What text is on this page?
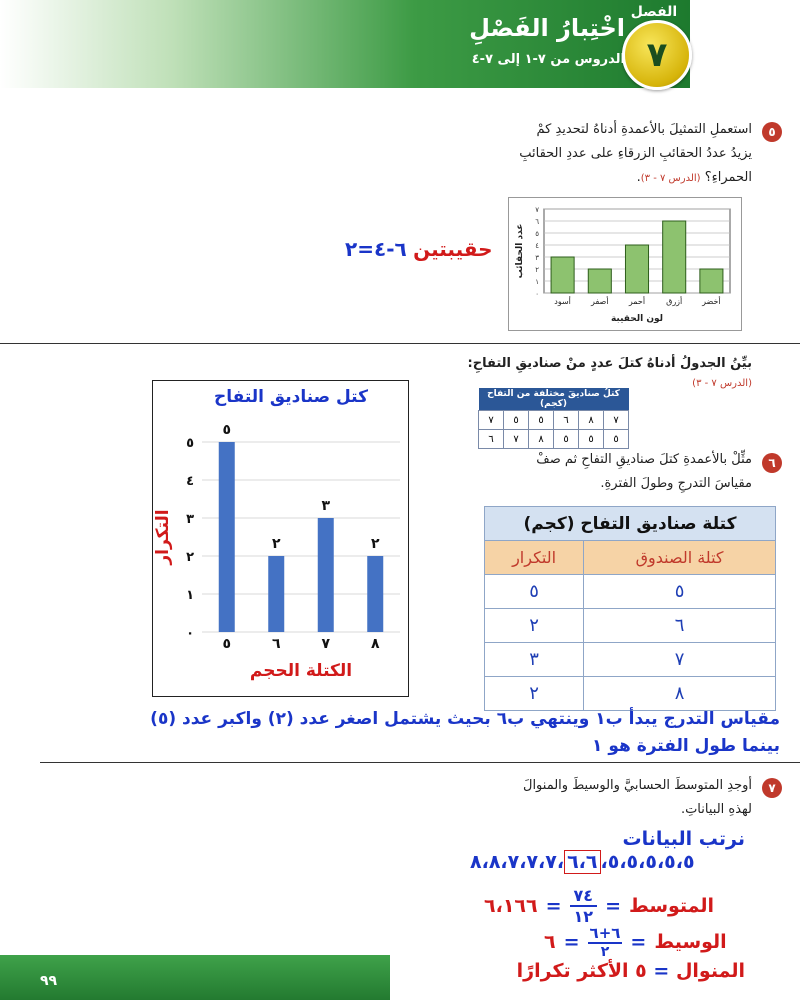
الفصل
٧
اخْتِبارُ الفَصْلِ
الدروس من ٧-١ إلى ٧-٤
٥
استعملِ التمثيلَ بالأعمدةِ أدناهُ لتحديدِ كمْ
يزيدُ عددُ الحقائبِ الزرقاءِ على عددِ الحقائبِ
الحمراءِ؟ (الدرس ٧ - ٣).
حقيبتين ٦-٤=٢
٠
١
٢
٣
٤
٥
٦
٧
أخضر
أزرق
أحمر
أصفر
أسود
لون الحقيبة
عدد الحقائب
بيِّنُ الجدولُ أدناهُ كتلَ عددٍ منْ صناديقِ التفاحِ:
(الدرس ٧ - ٣)
كتلُ صناديقَ مختلفة من التفاح (كجم)					
٧	٨	٦	٥	٥	٧
٥	٥	٥	٨	٧	٦
٦
مثِّلْ بالأعمدةِ كتلَ صناديقِ التفاحِ ثم صفْ
مقياسَ التدرجِ وطولَ الفترةِ.
كتل صناديق التفاح
٠
١
٢
٣
٤
٥
٥
٥
٢
٦
٣
٧
٢
٨
الكتلة الحجم
التكرار	كتلة صناديق التفاح (كجم)	
كتلة الصندوق	التكرار
٥	٥
٦	٢
٧	٣
٨	٢
مقياس التدرج يبدأ ب١ وينتهي ب٦ بحيث يشتمل اصغر عدد (٢) واكبر عدد (٥)
بينما طول الفترة هو ١
٧
أوجدِ المتوسطَ الحسابيَّ والوسيطَ والمنوالَ
لهذهِ البياناتِ.
نرتب البيانات
٨،٨،٧،٧،٧، ٦،٦ ،٥،٥،٥،٥،٥
٦،١٦٦ = ٧٤
١٢ = المتوسط
٦ = ٦+٦
٢ = الوسيط
المنوال = ٥ الأكثر تكرارًا
٩٩
